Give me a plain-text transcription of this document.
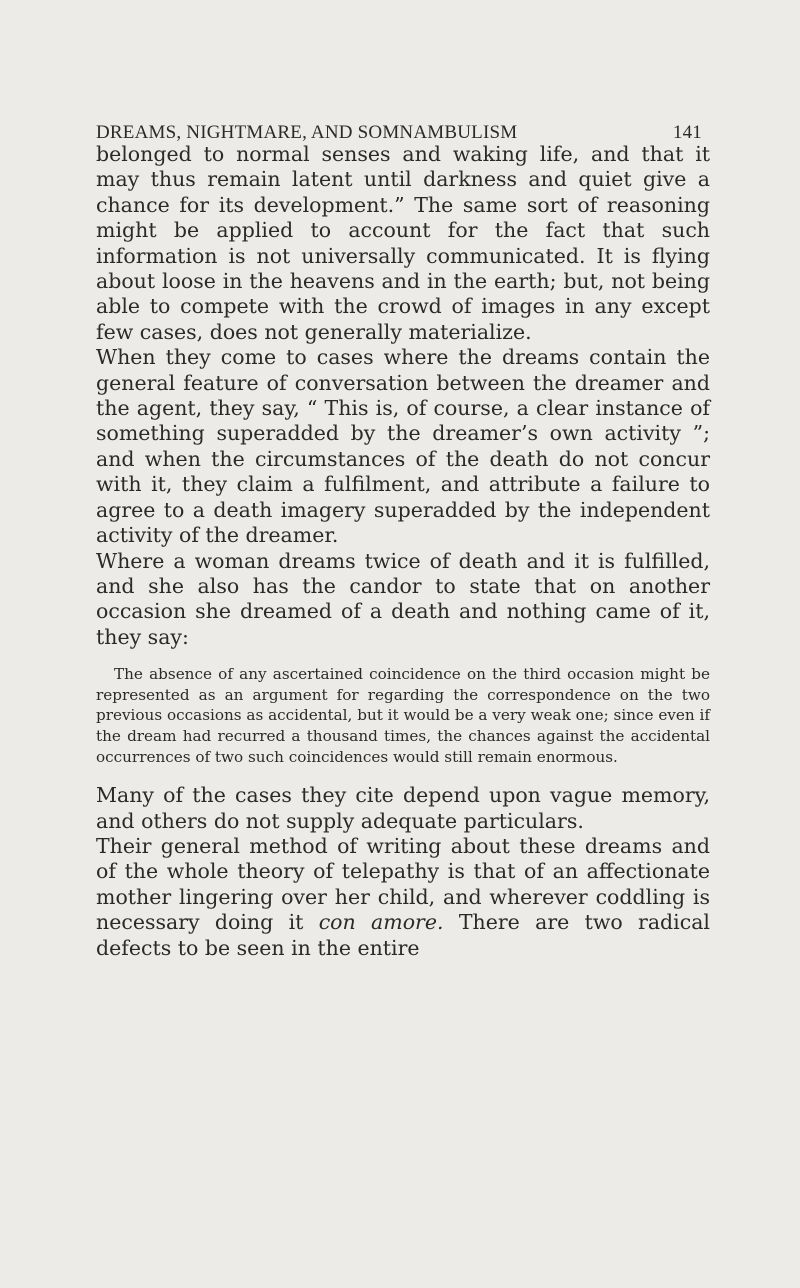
DREAMS, NIGHTMARE, AND SOMNAMBULISM	141

belonged to normal senses and waking life, and that it may thus remain latent until darkness and quiet give a chance for its development.” The same sort of reasoning might be applied to account for the fact that such information is not universally communicated. It is flying about loose in the heavens and in the earth; but, not being able to compete with the crowd of images in any except few cases, does not generally materialize.

When they come to cases where the dreams contain the general feature of conversation between the dreamer and the agent, they say, “ This is, of course, a clear instance of something superadded by the dreamer’s own activity ”; and when the circumstances of the death do not concur with it, they claim a fulfilment, and attribute a failure to agree to a death imagery superadded by the independent activity of the dreamer.

Where a woman dreams twice of death and it is fulfilled, and she also has the candor to state that on another occasion she dreamed of a death and nothing came of it, they say:

The absence of any ascertained coincidence on the third occasion might be represented as an argument for regarding the correspondence on the two previous occasions as accidental, but it would be a very weak one; since even if the dream had recurred a thousand times, the chances against the accidental occurrences of two such coincidences would still remain enormous.

Many of the cases they cite depend upon vague memory, and others do not supply adequate particulars.

Their general method of writing about these dreams and of the whole theory of telepathy is that of an affectionate mother lingering over her child, and wherever coddling is necessary doing it con amore. There are two radical defects to be seen in the entire
